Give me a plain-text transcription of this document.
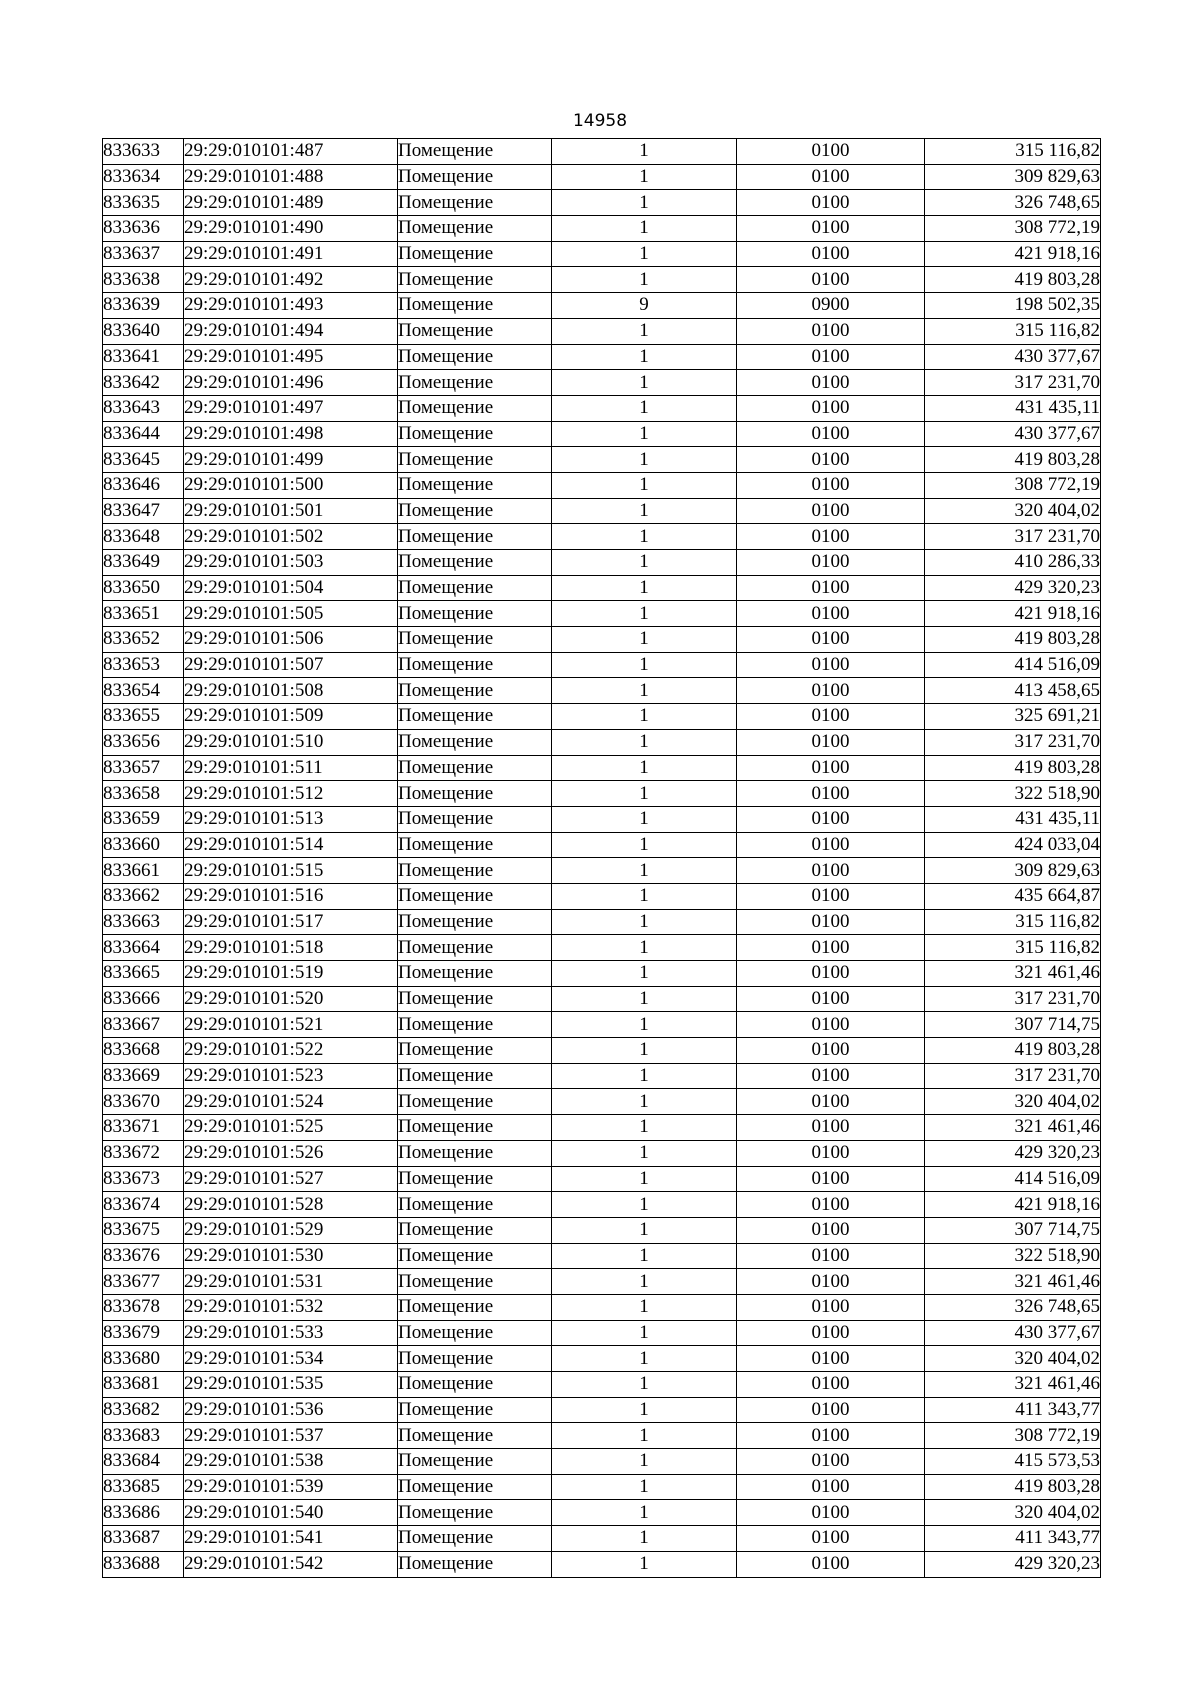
14958
833633	29:29:010101:487	Помещение	1	0100	315 116,82
833634	29:29:010101:488	Помещение	1	0100	309 829,63
833635	29:29:010101:489	Помещение	1	0100	326 748,65
833636	29:29:010101:490	Помещение	1	0100	308 772,19
833637	29:29:010101:491	Помещение	1	0100	421 918,16
833638	29:29:010101:492	Помещение	1	0100	419 803,28
833639	29:29:010101:493	Помещение	9	0900	198 502,35
833640	29:29:010101:494	Помещение	1	0100	315 116,82
833641	29:29:010101:495	Помещение	1	0100	430 377,67
833642	29:29:010101:496	Помещение	1	0100	317 231,70
833643	29:29:010101:497	Помещение	1	0100	431 435,11
833644	29:29:010101:498	Помещение	1	0100	430 377,67
833645	29:29:010101:499	Помещение	1	0100	419 803,28
833646	29:29:010101:500	Помещение	1	0100	308 772,19
833647	29:29:010101:501	Помещение	1	0100	320 404,02
833648	29:29:010101:502	Помещение	1	0100	317 231,70
833649	29:29:010101:503	Помещение	1	0100	410 286,33
833650	29:29:010101:504	Помещение	1	0100	429 320,23
833651	29:29:010101:505	Помещение	1	0100	421 918,16
833652	29:29:010101:506	Помещение	1	0100	419 803,28
833653	29:29:010101:507	Помещение	1	0100	414 516,09
833654	29:29:010101:508	Помещение	1	0100	413 458,65
833655	29:29:010101:509	Помещение	1	0100	325 691,21
833656	29:29:010101:510	Помещение	1	0100	317 231,70
833657	29:29:010101:511	Помещение	1	0100	419 803,28
833658	29:29:010101:512	Помещение	1	0100	322 518,90
833659	29:29:010101:513	Помещение	1	0100	431 435,11
833660	29:29:010101:514	Помещение	1	0100	424 033,04
833661	29:29:010101:515	Помещение	1	0100	309 829,63
833662	29:29:010101:516	Помещение	1	0100	435 664,87
833663	29:29:010101:517	Помещение	1	0100	315 116,82
833664	29:29:010101:518	Помещение	1	0100	315 116,82
833665	29:29:010101:519	Помещение	1	0100	321 461,46
833666	29:29:010101:520	Помещение	1	0100	317 231,70
833667	29:29:010101:521	Помещение	1	0100	307 714,75
833668	29:29:010101:522	Помещение	1	0100	419 803,28
833669	29:29:010101:523	Помещение	1	0100	317 231,70
833670	29:29:010101:524	Помещение	1	0100	320 404,02
833671	29:29:010101:525	Помещение	1	0100	321 461,46
833672	29:29:010101:526	Помещение	1	0100	429 320,23
833673	29:29:010101:527	Помещение	1	0100	414 516,09
833674	29:29:010101:528	Помещение	1	0100	421 918,16
833675	29:29:010101:529	Помещение	1	0100	307 714,75
833676	29:29:010101:530	Помещение	1	0100	322 518,90
833677	29:29:010101:531	Помещение	1	0100	321 461,46
833678	29:29:010101:532	Помещение	1	0100	326 748,65
833679	29:29:010101:533	Помещение	1	0100	430 377,67
833680	29:29:010101:534	Помещение	1	0100	320 404,02
833681	29:29:010101:535	Помещение	1	0100	321 461,46
833682	29:29:010101:536	Помещение	1	0100	411 343,77
833683	29:29:010101:537	Помещение	1	0100	308 772,19
833684	29:29:010101:538	Помещение	1	0100	415 573,53
833685	29:29:010101:539	Помещение	1	0100	419 803,28
833686	29:29:010101:540	Помещение	1	0100	320 404,02
833687	29:29:010101:541	Помещение	1	0100	411 343,77
833688	29:29:010101:542	Помещение	1	0100	429 320,23
